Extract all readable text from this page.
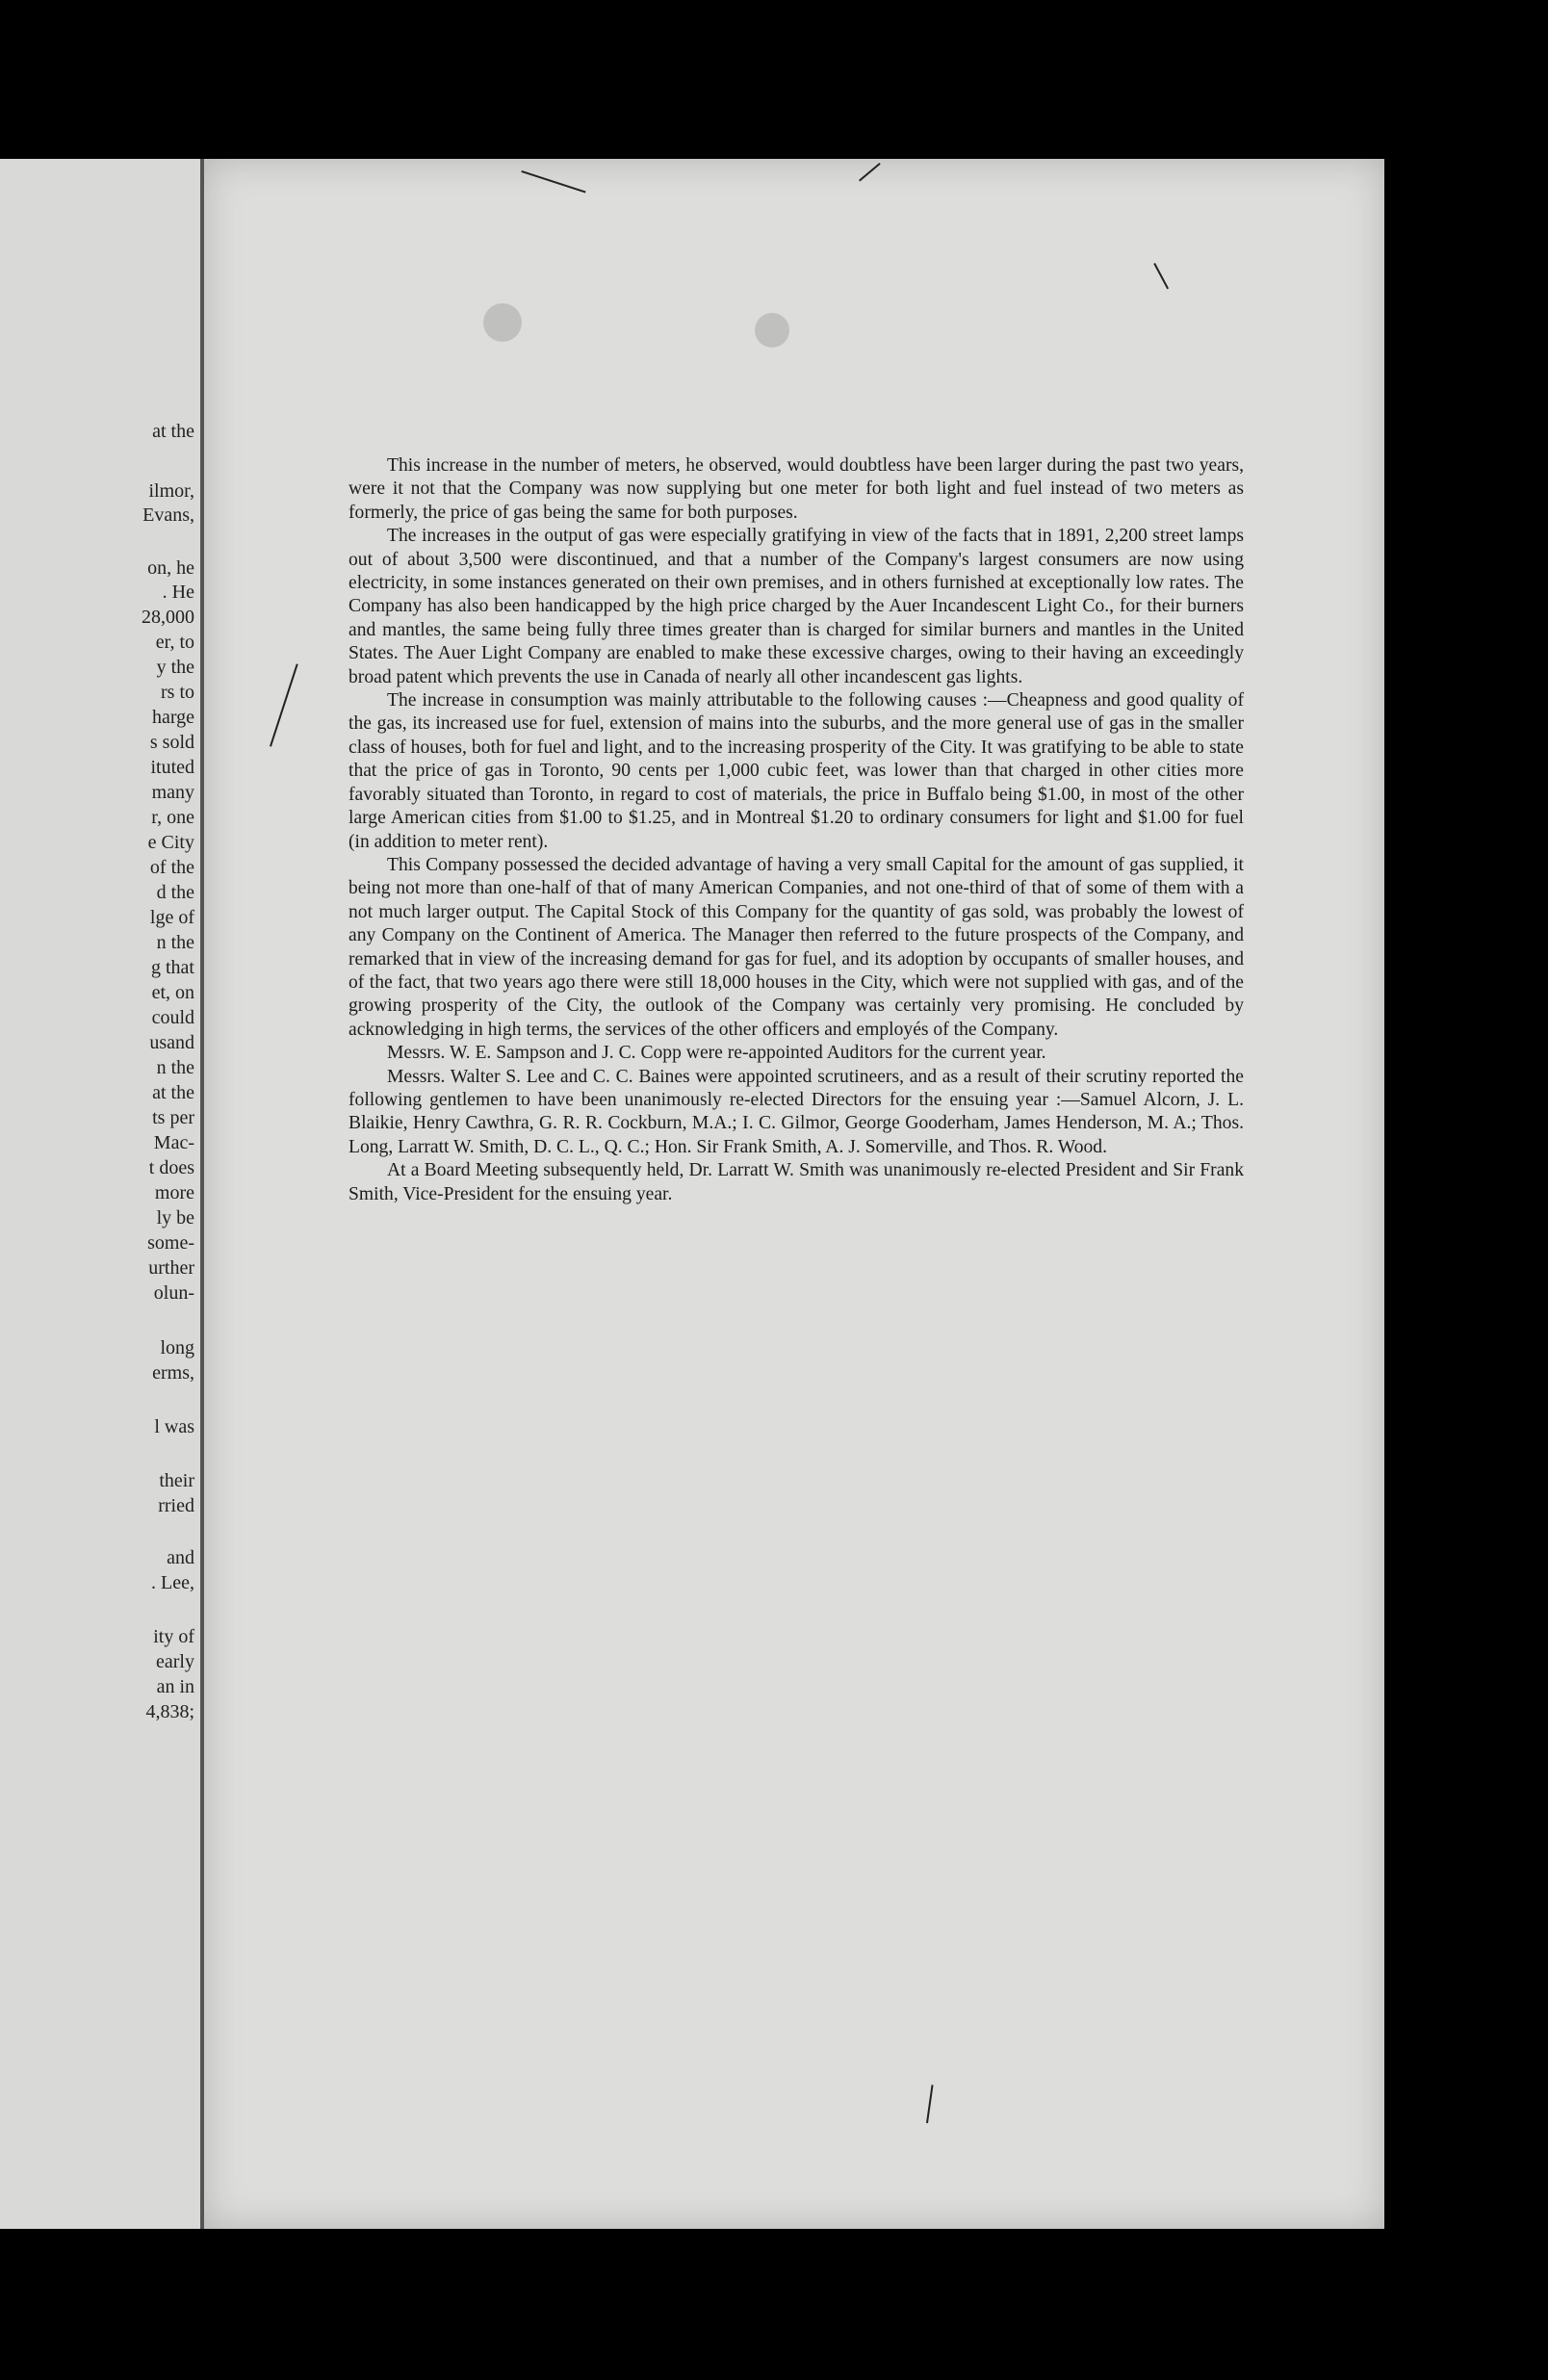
at the
ilmor,
Evans,
on, he
. He
28,000
er, to
y the
rs to
harge
s sold
ituted
many
r, one
e City
of the
d the
lge of
n the
g that
et, on
could
usand
n the
at the
ts per
Mac-
t does
more
ly be
some-
urther
olun-
long
erms,
l was
their
rried
and
. Lee,
ity of
early
an in
4,838;

This increase in the number of meters, he observed, would doubtless have been larger during the past two years, were it not that the Company was now supplying but one meter for both light and fuel instead of two meters as formerly, the price of gas being the same for both purposes.

The increases in the output of gas were especially gratifying in view of the facts that in 1891, 2,200 street lamps out of about 3,500 were discontinued, and that a number of the Company's largest consumers are now using electricity, in some instances generated on their own premises, and in others furnished at exceptionally low rates. The Company has also been handicapped by the high price charged by the Auer Incandescent Light Co., for their burners and mantles, the same being fully three times greater than is charged for similar burners and mantles in the United States. The Auer Light Company are enabled to make these excessive charges, owing to their having an exceedingly broad patent which prevents the use in Canada of nearly all other incandescent gas lights.

The increase in consumption was mainly attributable to the following causes :—Cheapness and good quality of the gas, its increased use for fuel, extension of mains into the suburbs, and the more general use of gas in the smaller class of houses, both for fuel and light, and to the increasing prosperity of the City. It was gratifying to be able to state that the price of gas in Toronto, 90 cents per 1,000 cubic feet, was lower than that charged in other cities more favorably situated than Toronto, in regard to cost of materials, the price in Buffalo being $1.00, in most of the other large American cities from $1.00 to $1.25, and in Montreal $1.20 to ordinary consumers for light and $1.00 for fuel (in addition to meter rent).

This Company possessed the decided advantage of having a very small Capital for the amount of gas supplied, it being not more than one-half of that of many American Companies, and not one-third of that of some of them with a not much larger output. The Capital Stock of this Company for the quantity of gas sold, was probably the lowest of any Company on the Continent of America. The Manager then referred to the future prospects of the Company, and remarked that in view of the increasing demand for gas for fuel, and its adoption by occupants of smaller houses, and of the fact, that two years ago there were still 18,000 houses in the City, which were not supplied with gas, and of the growing prosperity of the City, the outlook of the Company was certainly very promising. He concluded by acknowledging in high terms, the services of the other officers and employés of the Company.

Messrs. W. E. Sampson and J. C. Copp were re-appointed Auditors for the current year.

Messrs. Walter S. Lee and C. C. Baines were appointed scrutineers, and as a result of their scrutiny reported the following gentlemen to have been unanimously re-elected Directors for the ensuing year :—Samuel Alcorn, J. L. Blaikie, Henry Cawthra, G. R. R. Cockburn, M.A.; I. C. Gilmor, George Gooderham, James Henderson, M. A.; Thos. Long, Larratt W. Smith, D. C. L., Q. C.; Hon. Sir Frank Smith, A. J. Somerville, and Thos. R. Wood.

At a Board Meeting subsequently held, Dr. Larratt W. Smith was unanimously re-elected President and Sir Frank Smith, Vice-President for the ensuing year.
